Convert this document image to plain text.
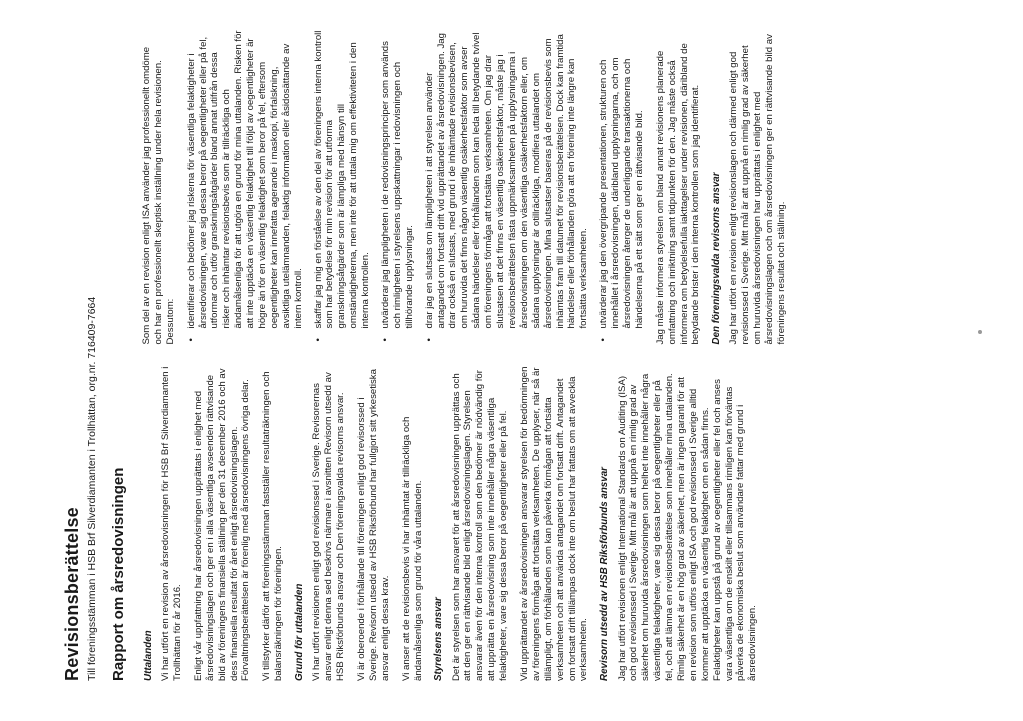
Revisionsberättelse Till föreningsstämman i HSB Brf Silverdiamanten i Trollhättan, org.nr. 716409-7664 Rapport om årsredovisningen Uttalanden Vi har utfört en revision av årsredovisningen för HSB Brf Silverdiamanten i Trollhättan för år 2016. Enligt vår uppfattning har årsredovisningen upprättats i enlighet med årsredovisningslagen och ger en i alla väsentliga avseenden rättvisande bild av föreningens finansiella ställning per den 31 december 2016 och av dess finansiella resultat för året enligt årsredovisningslagen. Förvaltningsberättelsen är förenlig med årsredovisningens övriga delar. Vi tillstyrker därför att föreningsstämman fastställer resultaträkningen och balansräkningen för föreningen. Grund för uttalanden Vi har utfört revisionen enligt god revisionssed i Sverige. Revisorernas ansvar enligt denna sed beskrivs närmare i avsnitten Revisorn utsedd av HSB Riksförbunds ansvar och Den föreningsvalda revisorns ansvar. Vi är oberoende i förhållande till föreningen enligt god revisorssed i Sverige. Revisorn utsedd av HSB Riksförbund har fullgjort sitt yrkesetiska ansvar enligt dessa krav. Vi anser att de revisionsbevis vi har inhämtat är tillräckliga och ändamålsenliga som grund för våra uttalanden. Styrelsens ansvar Det är styrelsen som har ansvaret för att årsredovisningen upprättas och att den ger en rättvisande bild enligt årsredovisningslagen. Styrelsen ansvarar även för den interna kontroll som den bedömer är nödvändig för att upprätta en årsredovisning som inte innehåller några väsentliga felaktigheter, vare sig dessa beror på oegentligheter eller på fel. Vid upprättandet av årsredovisningen ansvarar styrelsen för bedömningen av föreningens förmåga att fortsätta verksamheten. De upplyser, när så är tillämpligt, om förhållanden som kan påverka förmågan att fortsätta verksamheten och att använda antagandet om fortsatt drift. Antagandet om fortsatt drift tillämpas dock inte om beslut har fattats om att avveckla verksamheten. Revisorn utsedd av HSB Riksförbunds ansvar Jag har utfört revisionen enligt International Standards on Auditing (ISA) och god revisionssed i Sverige. Mitt mål är att uppnå en rimlig grad av säkerhet om huruvida årsredovisningen som helhet inte innehåller några väsentliga felaktigheter, vare sig dessa beror på oegentligheter eller på fel, och att lämna en revisionsberättelse som innehåller mina uttalanden. Rimlig säkerhet är en hög grad av säkerhet, men är ingen garanti för att en revision som utförs enligt ISA och god revisionssed i Sverige alltid kommer att upptäcka en väsentlig felaktighet om en sådan finns. Felaktigheter kan uppstå på grund av oegentligheter eller fel och anses vara väsentliga om de enskilt eller tillsammans rimligen kan förväntas påverka de ekonomiska beslut som användare fattar med grund i årsredovisningen.

Som del av en revision enligt ISA använder jag professionellt omdöme och har en professionellt skeptisk inställning under hela revisionen. Dessutom: • identifierar och bedömer jag riskerna för väsentliga felaktigheter i årsredovisningen, vare sig dessa beror på oegentligheter eller på fel, utformar och utför granskningsåtgärder bland annat utifrån dessa risker och inhämtar revisionsbevis som är tillräckliga och ändamålsenliga för att utgöra en grund för mina uttalanden. Risken för att inte upptäcka en väsentlig felaktighet till följd av oegentligheter är högre än för en väsentlig felaktighet som beror på fel, eftersom oegentligheter kan innefatta agerande i maskopi, förfalskning, avsiktliga utelämnanden, felaktig information eller åsidosättande av intern kontroll. • skaffar jag mig en förståelse av den del av föreningens interna kontroll som har betydelse för min revision för att utforma granskningsåtgärder som är lämpliga med hänsyn till omständigheterna, men inte för att uttala mig om effektiviteten i den interna kontrollen. • utvärderar jag lämpligheten i de redovisningsprinciper som används och rimligheten i styrelsens uppskattningar i redovisningen och tillhörande upplysningar. • drar jag en slutsats om lämpligheten i att styrelsen använder antagandet om fortsatt drift vid upprättandet av årsredovisningen. Jag drar också en slutsats, med grund i de inhämtade revisionsbevisen, om huruvida det finns någon väsentlig osäkerhetsfaktor som avser sådana händelser eller förhållanden som kan leda till betydande tvivel om föreningens förmåga att fortsätta verksamheten. Om jag drar slutsatsen att det finns en väsentlig osäkerhetsfaktor, måste jag i revisionsberättelsen fästa uppmärksamheten på upplysningarna i årsredovisningen om den väsentliga osäkerhetsfaktorn eller, om sådana upplysningar är otillräckliga, modifiera uttalandet om årsredovisningen. Mina slutsatser baseras på de revisionsbevis som inhämtas fram till datumet för revisionsberättelsen. Dock kan framtida händelser eller förhållanden göra att en förening inte längre kan fortsätta verksamheten. • utvärderar jag den övergripande presentationen, strukturen och innehållet i årsredovisningen, däribland upplysningarna, och om årsredovisningen återger de underliggande transaktionerna och händelserna på ett sätt som ger en rättvisande bild. Jag måste informera styrelsen om bland annat revisionens planerade omfattning och inriktning samt tidpunkten för den. Jag måste också informera om betydelsefulla iakttagelser under revisionen, däribland de betydande brister i den interna kontrollen som jag identifierat. Den föreningsvalda revisorns ansvar Jag har utfört en revision enligt revisionslagen och därmed enligt god revisionssed i Sverige. Mitt mål är att uppnå en rimlig grad av säkerhet om huruvida årsredovisningen har upprättats i enlighet med årsredovisningslagen och om årsredovisningen ger en rättvisande bild av föreningens resultat och ställning.
